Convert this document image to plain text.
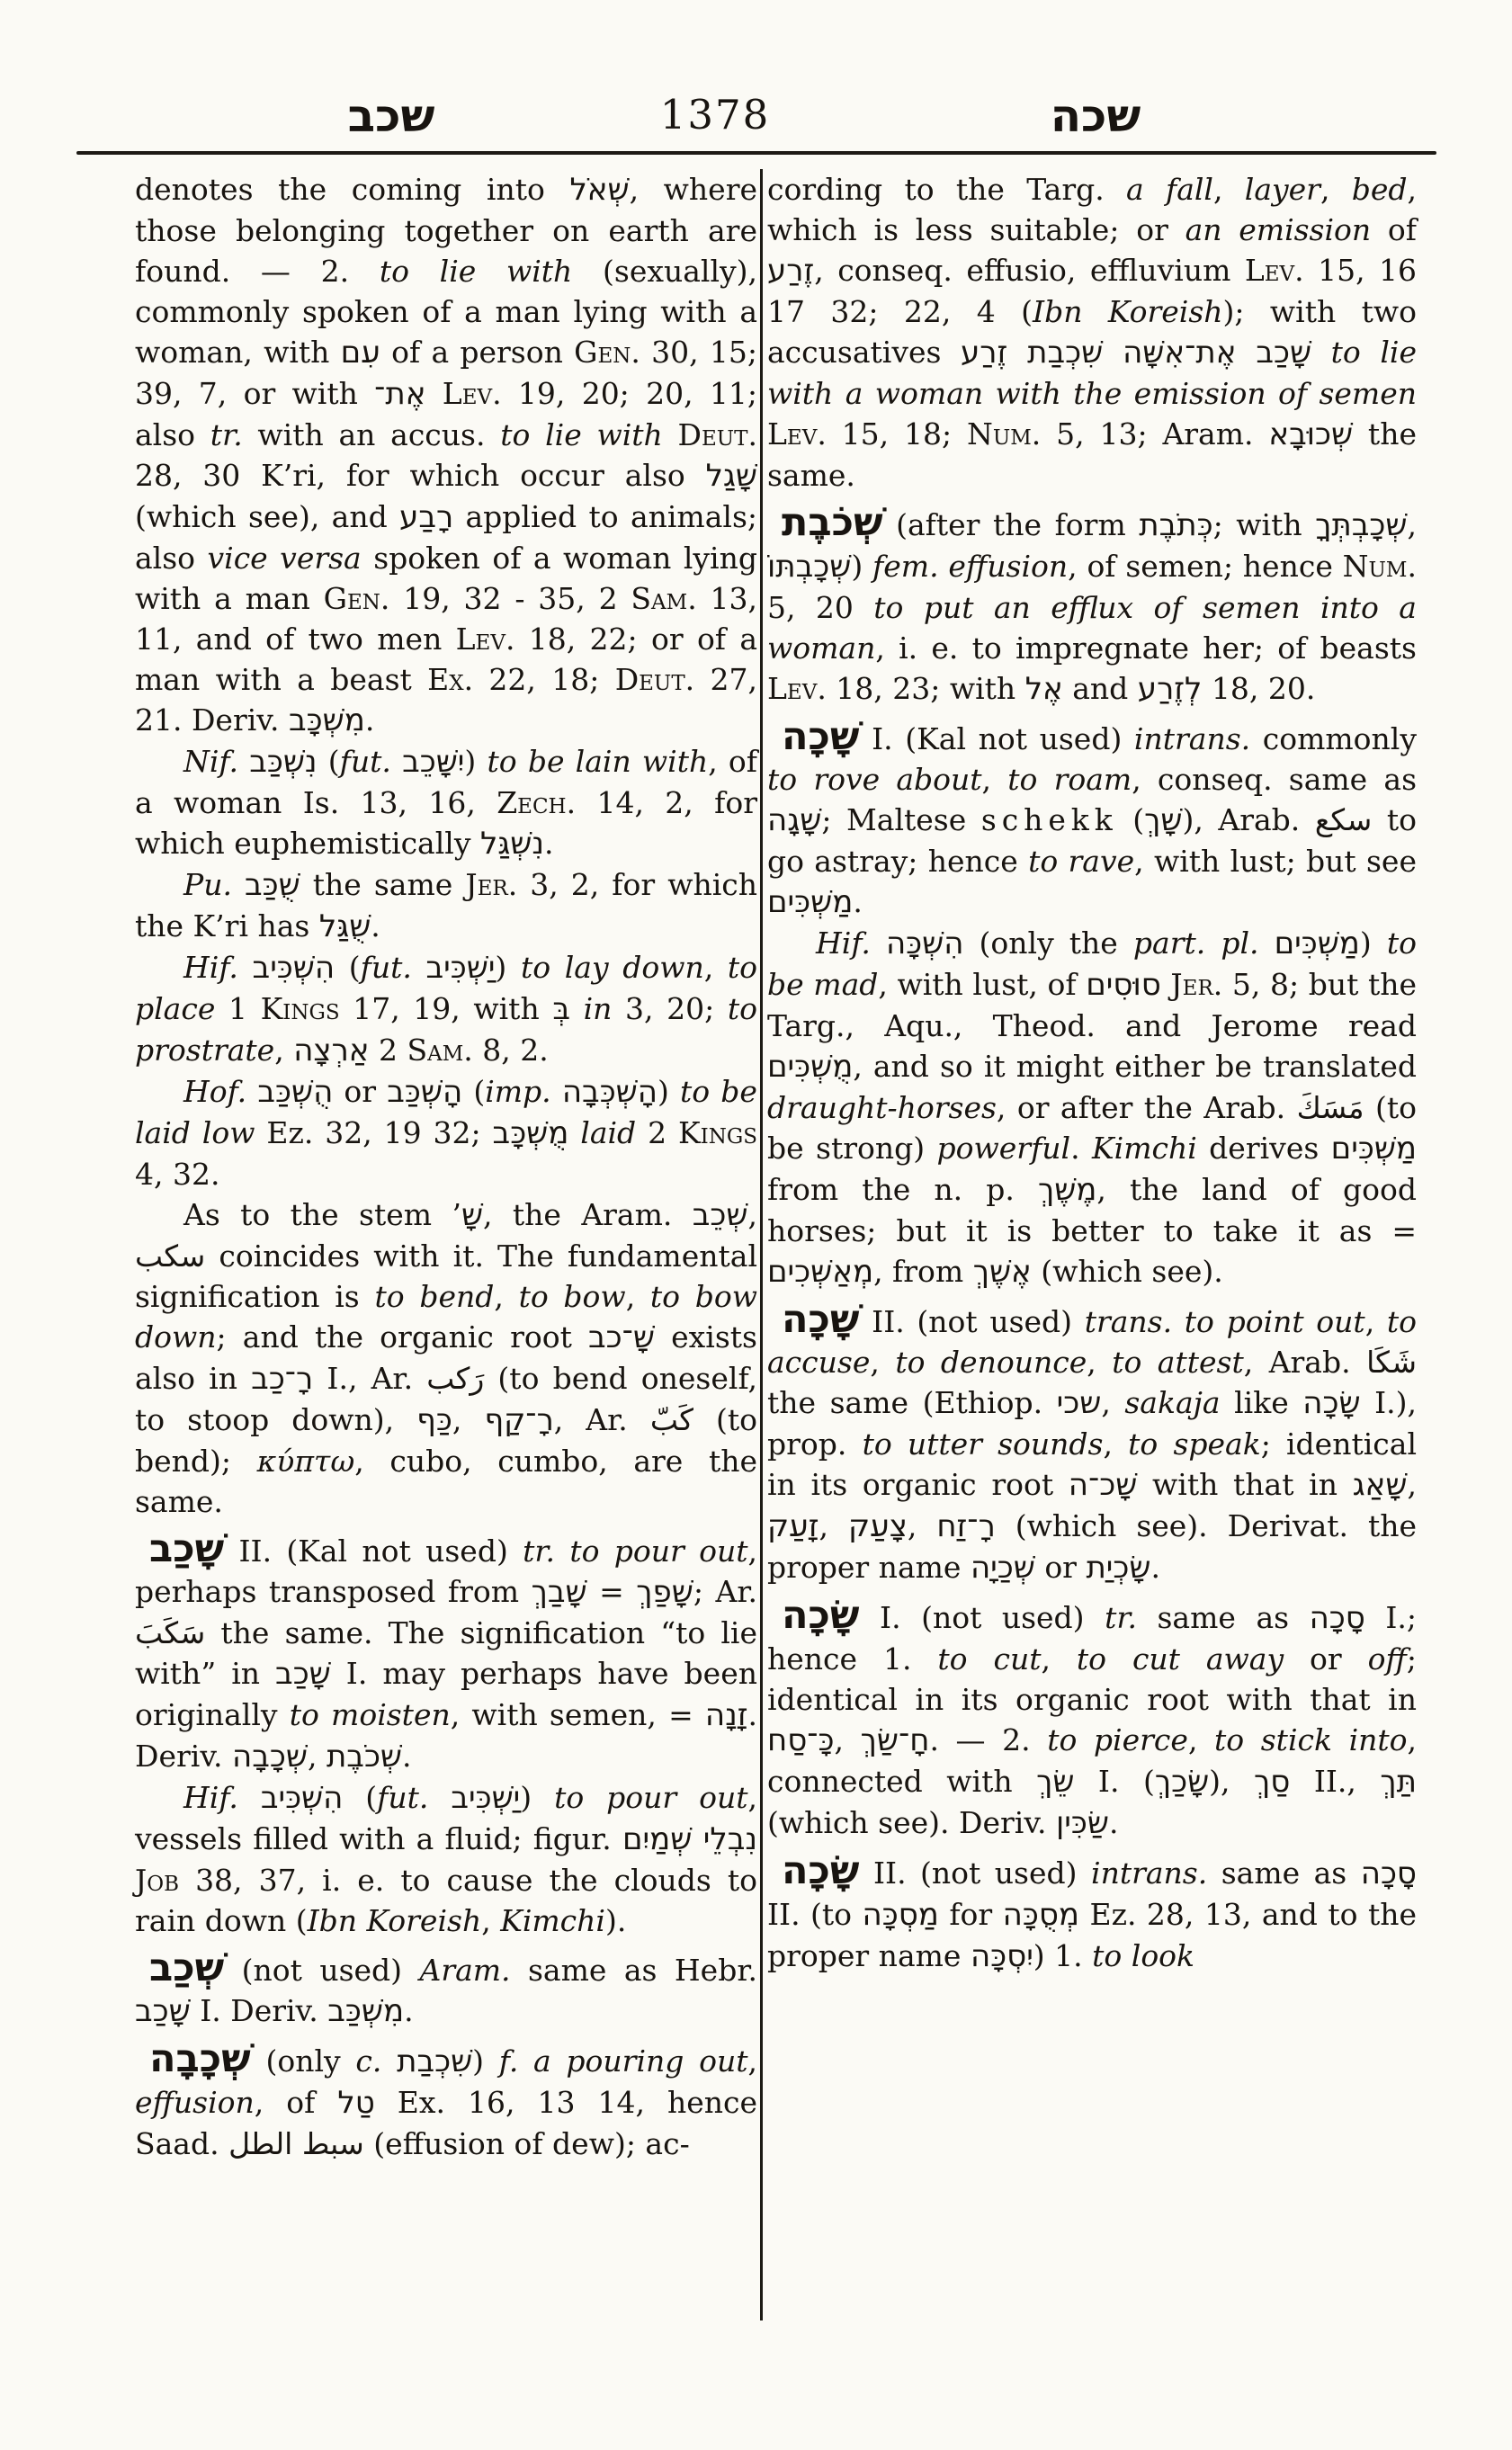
שכב	1378	שכה

denotes the coming into שְׁאֹל, where those belonging together on earth are found. — 2. to lie with (sexually), commonly spoken of a man lying with a woman, with עִם of a person Gen. 30, 15; 39, 7, or with אֶת־ Lev. 19, 20; 20, 11; also tr. with an accus. to lie with Deut. 28, 30 K’ri, for which occur also שָׁגַל (which see), and רָבַע applied to animals; also vice versa spoken of a woman lying with a man Gen. 19, 32 - 35, 2 Sam. 13, 11, and of two men Lev. 18, 22; or of a man with a beast Ex. 22, 18; Deut. 27, 21. Deriv. מִשְׁכָּב.

Nif. נִשְׁכַּב (fut. יִשָּׁכֵב) to be lain with, of a woman Is. 13, 16, Zech. 14, 2, for which euphemistically נִשְׁגַּל.

Pu. שֻׁכַּב the same Jer. 3, 2, for which the K’ri has שֻׁגַּל.

Hif. הִשְׁכִּיב (fut. יַשְׁכִּיב) to lay down, to place 1 Kings 17, 19, with בְּ in 3, 20; to prostrate, אַרְצָה 2 Sam. 8, 2.

Hof. הֻשְׁכַּב or הָשְׁכַּב (imp. הָשְׁכְּבָה) to be laid low Ez. 32, 19 32; מֻשְׁכָּב laid 2 Kings 4, 32.

As to the stem ’שָׁ, the Aram. שְׁכֵב, سكب coincides with it. The fundamental signification is to bend, to bow, to bow down; and the organic root שָׁ־כב exists also in רָ־כַב I., Ar. رَكب (to bend oneself, to stoop down), כַּף, רָ־קַף, Ar. كَبّ (to bend); κύπτω, cubo, cumbo, are the same.

שָׁכַב II. (Kal not used) tr. to pour out, perhaps transposed from שָׁבַךְ = שָׁפַךְ; Ar. سَكَبَ the same. The signification “to lie with” in שָׁכַב I. may perhaps have been originally to moisten, with semen, = זָנָה. Deriv. שְׁכָבָה, שְׁכֹבֶת.

Hif. הִשְׁכִּיב (fut. יַשְׁכִּיב) to pour out, vessels filled with a fluid; figur. נִבְלֵי שְׁמַיִם Job 38, 37, i. e. to cause the clouds to rain down (Ibn Koreish, Kimchi).

שְׁכַב (not used) Aram. same as Hebr. שָׁכַב I. Deriv. מִשְׁכַּב.

שְׁכָבָה (only c. שִׁכְבַת) f. a pouring out, effusion, of טַל Ex. 16, 13 14, hence Saad. سبط الطل (effusion of dew); ac-

cording to the Targ. a fall, layer, bed, which is less suitable; or an emission of זֶרַע, conseq. effusio, effluvium Lev. 15, 16 17 32; 22, 4 (Ibn Koreish); with two accusatives שָׁכַב אֶת־אִשָּׁה שִׁכְבַת זֶרַע to lie with a woman with the emission of semen Lev. 15, 18; Num. 5, 13; Aram. שְׁכוּבָא the same.

שְׁכֹבֶת (after the form כְּתֹבֶת; with שְׁכָבְתְּךָ, שְׁכָבְתּוֹ) fem. effusion, of semen; hence Num. 5, 20 to put an efflux of semen into a woman, i. e. to impregnate her; of beasts Lev. 18, 23; with אֶל and לְזֶרַע 18, 20.

שָׁכָה I. (Kal not used) intrans. commonly to rove about, to roam, conseq. same as שָׁגָה; Maltese schekk (שָׁךְ), Arab. سكع to go astray; hence to rave, with lust; but see מַשְׁכִּים.

Hif. הִשְׁכָּה (only the part. pl. מַשְׁכִּים) to be mad, with lust, of סוּסִים Jer. 5, 8; but the Targ., Aqu., Theod. and Jerome read מֻשְׁכִּים, and so it might either be translated draught-horses, or after the Arab. مَسَكَ (to be strong) powerful. Kimchi derives מַשְׁכִּים from the n. p. מֶשֶׁךְ, the land of good horses; but it is better to take it as = מְאַשְּׁכִים, from אֶשֶׁךְ (which see).

שָׁכָה II. (not used) trans. to point out, to accuse, to denounce, to attest, Arab. شَكَا the same (Ethiop. שכי, sakaja like שָׂכָה I.), prop. to utter sounds, to speak; identical in its organic root שָׁכ־ה with that in שָׁאַג, זָעַק, צָעַק, רָ־זַח (which see). Derivat. the proper name שְׁכַיָה or שָׂכְיַת.

שָׂכָה I. (not used) tr. same as סָכָה I.; hence 1. to cut, to cut away or off; identical in its organic root with that in כָּ־סַח, חָ־שַׂךְ. — 2. to pierce, to stick into, connected with שֵׂךְ I. (שָׂכַךְ), סַךְ II., תַּךְ (which see). Deriv. שַׂכִּין.

שָׂכָה II. (not used) intrans. same as סָכָה II. (to מַסְכָּה for מְסֻכָּה Ez. 28, 13, and to the proper name יִסְכָּה) 1. to look
